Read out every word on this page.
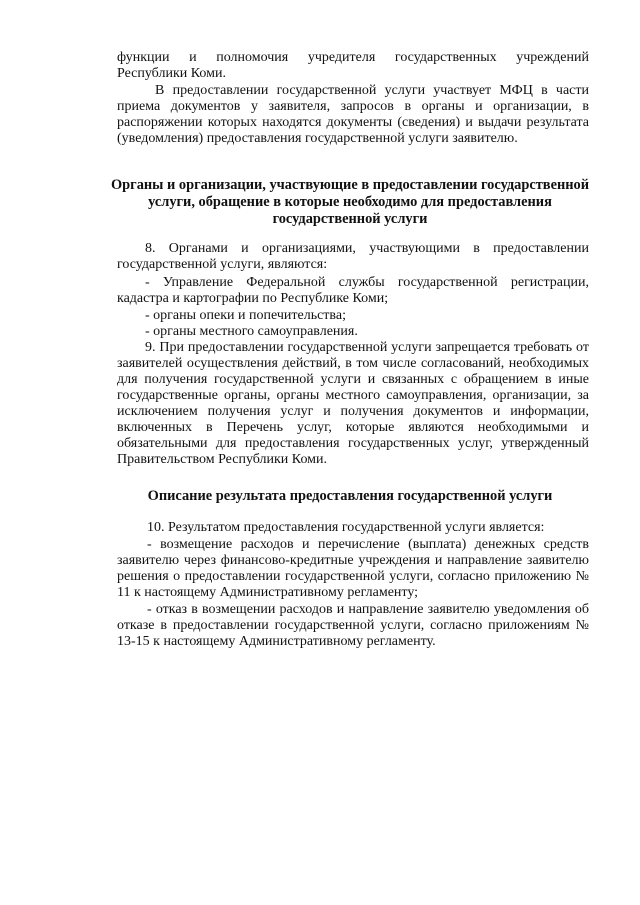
функции и полномочия учредителя государственных учреждений

Республики Коми.

В предоставлении государственной услуги участвует МФЦ в части приема документов у заявителя, запросов в органы и организации, в распоряжении которых находятся документы (сведения) и выдачи результата (уведомления) предоставления государственной услуги заявителю.

Органы и организации, участвующие в предоставлении государственной услуги, обращение в которые необходимо для предоставления государственной услуги

8. Органами и организациями, участвующими в предоставлении государственной услуги, являются:

- Управление Федеральной службы государственной регистрации, кадастра и картографии по Республике Коми;

- органы опеки и попечительства;

- органы местного самоуправления.

9. При предоставлении государственной услуги запрещается требовать от заявителей осуществления действий, в том числе согласований, необходимых для получения государственной услуги и связанных с обращением в иные государственные органы, органы местного самоуправления, организации, за исключением получения услуг и получения документов и информации, включенных в Перечень услуг, которые являются необходимыми и обязательными для предоставления государственных услуг, утвержденный Правительством Республики Коми.

Описание результата предоставления государственной услуги

10. Результатом предоставления государственной услуги является:

- возмещение расходов и перечисление (выплата) денежных средств заявителю через финансово-кредитные учреждения и направление заявителю решения о предоставлении государственной услуги, согласно приложению № 11 к настоящему Административному регламенту;

- отказ в возмещении расходов и направление заявителю уведомления об отказе в предоставлении государственной услуги, согласно приложениям № 13-15 к настоящему Административному регламенту.
